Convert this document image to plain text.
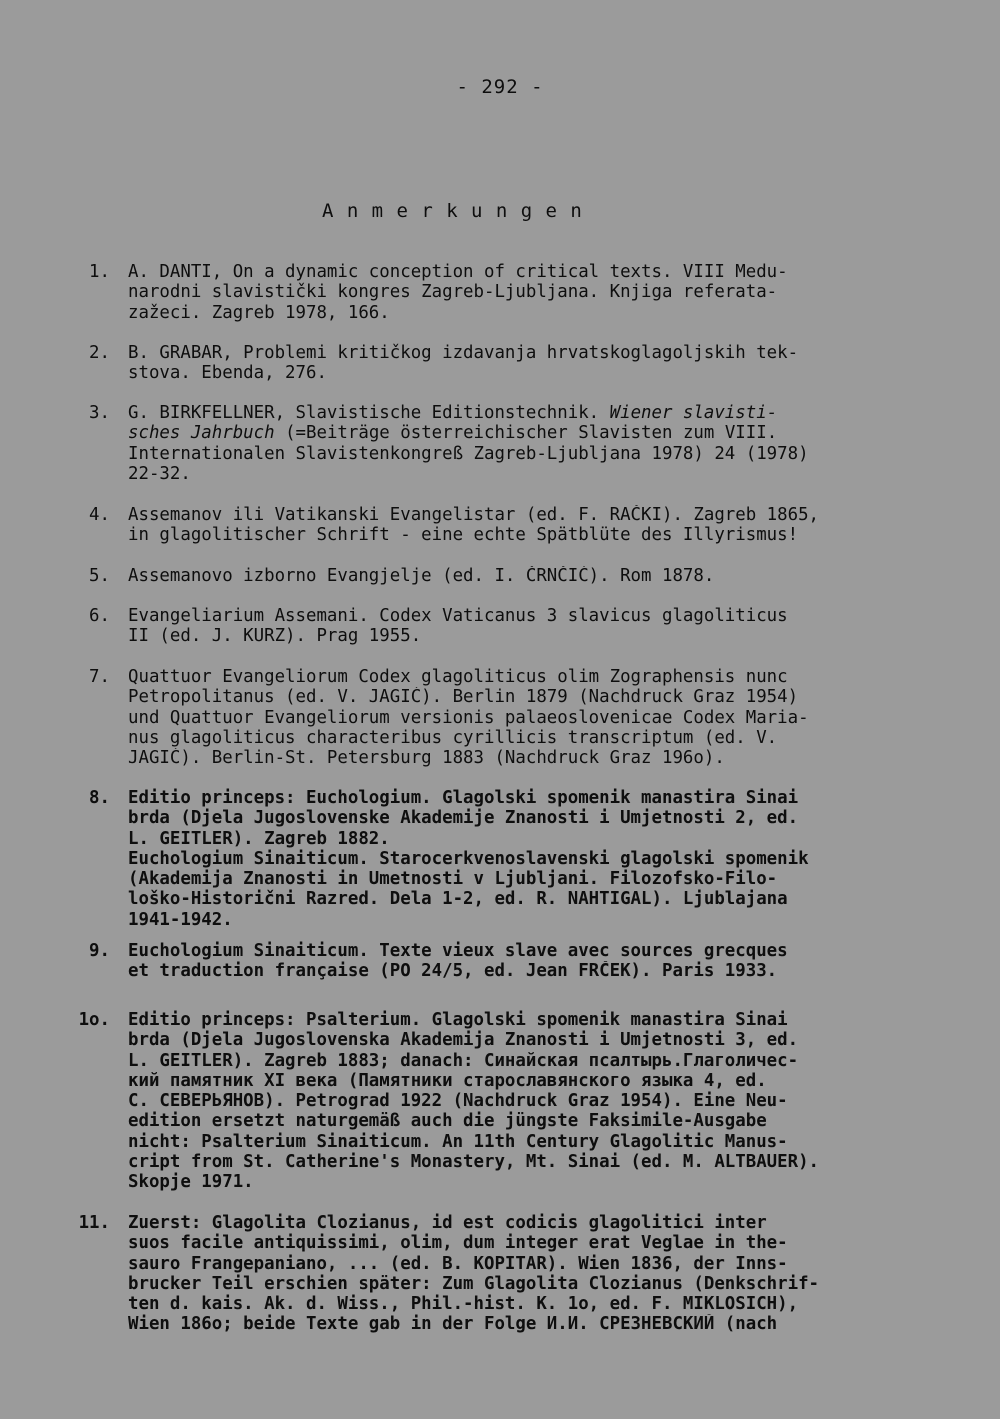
- 292 -
Anmerkungen
1. A. DANTI, On a dynamic conception of critical texts. VIII Medu-
narodni slavistički kongres Zagreb-Ljubljana. Knjiga referata-
zažeci. Zagreb 1978, 166.
2. B. GRABAR, Problemi kritičkog izdavanja hrvatskoglagoljskih tek-
stova. Ebenda, 276.
3. G. BIRKFELLNER, Slavistische Editionstechnik. Wiener slavisti-
sches Jahrbuch (=Beiträge österreichischer Slavisten zum VIII.
Internationalen Slavistenkongreß Zagreb-Ljubljana 1978) 24 (1978)
22-32.
4. Assemanov ili Vatikanski Evangelistar (ed. F. RAČKI). Zagreb 1865,
in glagolitischer Schrift - eine echte Spätblüte des Illyrismus!
5. Assemanovo izborno Evangjelje (ed. I. ČRNČIĆ). Rom 1878.
6. Evangeliarium Assemani. Codex Vaticanus 3 slavicus glagoliticus
II (ed. J. KURZ). Prag 1955.
7. Quattuor Evangeliorum Codex glagoliticus olim Zographensis nunc
Petropolitanus (ed. V. JAGIĆ). Berlin 1879 (Nachdruck Graz 1954)
und Quattuor Evangeliorum versionis palaeoslovenicae Codex Maria-
nus glagoliticus characteribus cyrillicis transcriptum (ed. V.
JAGIĆ). Berlin-St. Petersburg 1883 (Nachdruck Graz 196o).
8. Editio princeps: Euchologium. Glagolski spomenik manastira Sinai
brda (Djela Jugoslovenske Akademije Znanosti i Umjetnosti 2, ed.
L. GEITLER). Zagreb 1882.
Euchologium Sinaiticum. Starocerkvenoslavenski glagolski spomenik
(Akademija Znanosti in Umetnosti v Ljubljani. Filozofsko-Filo-
loško-Historični Razred. Dela 1-2, ed. R. NAHTIGAL). Ljublajana
1941-1942.
9. Euchologium Sinaiticum. Texte vieux slave avec sources grecques
et traduction française (PO 24/5, ed. Jean FRČEK). Paris 1933.
1o. Editio princeps: Psalterium. Glagolski spomenik manastira Sinai
brda (Djela Jugoslovenska Akademija Znanosti i Umjetnosti 3, ed.
L. GEITLER). Zagreb 1883; danach: Синайская псалтырь.Глаголичес-
кий памятник XI века (Памятники старославянского языка 4, ed.
С. СЕВЕРЬЯНОВ). Petrograd 1922 (Nachdruck Graz 1954). Eine Neu-
edition ersetzt naturgemäß auch die jüngste Faksimile-Ausgabe
nicht: Psalterium Sinaiticum. An 11th Century Glagolitic Manus-
cript from St. Catherine's Monastery, Mt. Sinai (ed. M. ALTBAUER).
Skopje 1971.
11. Zuerst: Glagolita Clozianus, id est codicis glagolitici inter
suos facile antiquissimi, olim, dum integer erat Veglae in the-
sauro Frangepaniano, ... (ed. B. KOPITAR). Wien 1836, der Inns-
brucker Teil erschien später: Zum Glagolita Clozianus (Denkschrif-
ten d. kais. Ak. d. Wiss., Phil.-hist. K. 1o, ed. F. MIKLOSICH),
Wien 186o; beide Texte gab in der Folge И.И. СРЕЗНЕВСКИЙ (nach
